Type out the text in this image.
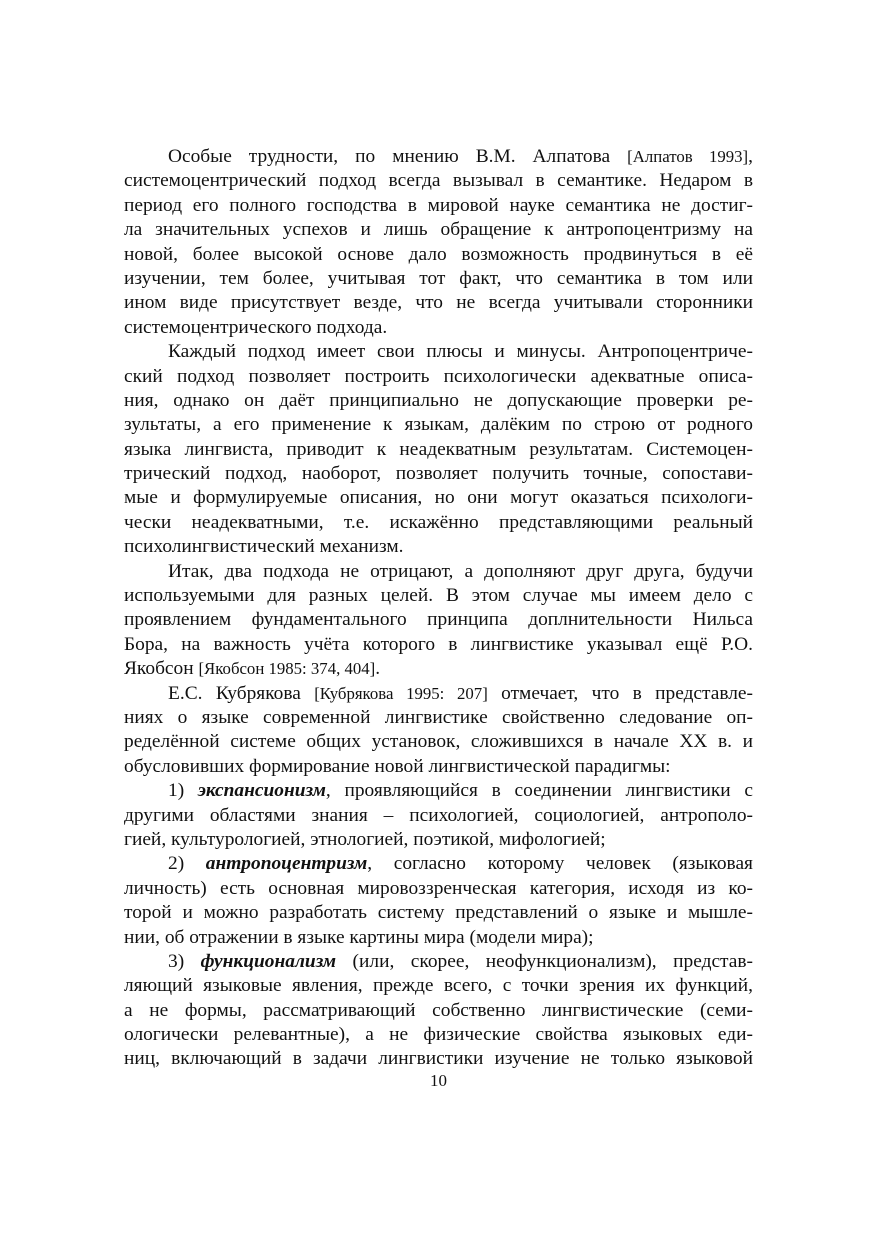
Особые трудности, по мнению В.М. Алпатова [Алпатов 1993],
системоцентрический подход всегда вызывал в семантике. Недаром в
период его полного господства в мировой науке семантика не достиг-
ла значительных успехов и лишь обращение к антропоцентризму на
новой, более высокой основе дало возможность продвинуться в её
изучении, тем более, учитывая тот факт, что семантика в том или
ином виде присутствует везде, что не всегда учитывали сторонники
системоцентрического подхода.
Каждый подход имеет свои плюсы и минусы. Антропоцентриче-
ский подход позволяет построить психологически адекватные описа-
ния, однако он даёт принципиально не допускающие проверки ре-
зультаты, а его применение к языкам, далёким по строю от родного
языка лингвиста, приводит к неадекватным результатам. Системоцен-
трический подход, наоборот, позволяет получить точные, сопостави-
мые и формулируемые описания, но они могут оказаться психологи-
чески неадекватными, т.е. искажённо представляющими реальный
психолингвистический механизм.
Итак, два подхода не отрицают, а дополняют друг друга, будучи
используемыми для разных целей. В этом случае мы имеем дело с
проявлением фундаментального принципа доплнительности Нильса
Бора, на важность учёта которого в лингвистике указывал ещё Р.О.
Якобсон [Якобсон 1985: 374, 404].
Е.С. Кубрякова [Кубрякова 1995: 207] отмечает, что в представле-
ниях о языке современной лингвистике свойственно следование оп-
ределённой системе общих установок, сложившихся в начале XX в. и
обусловивших формирование новой лингвистической парадигмы:
1) экспансионизм, проявляющийся в соединении лингвистики с
другими областями знания – психологией, социологией, антрополо-
гией, культурологией, этнологией, поэтикой, мифологией;
2) антропоцентризм, согласно которому человек (языковая
личность) есть основная мировоззренческая категория, исходя из ко-
торой и можно разработать систему представлений о языке и мышле-
нии, об отражении в языке картины мира (модели мира);
3) функционализм (или, скорее, неофункционализм), представ-
ляющий языковые явления, прежде всего, с точки зрения их функций,
а не формы, рассматривающий собственно лингвистические (семи-
ологически релевантные), а не физические свойства языковых еди-
ниц, включающий в задачи лингвистики изучение не только языковой
10
